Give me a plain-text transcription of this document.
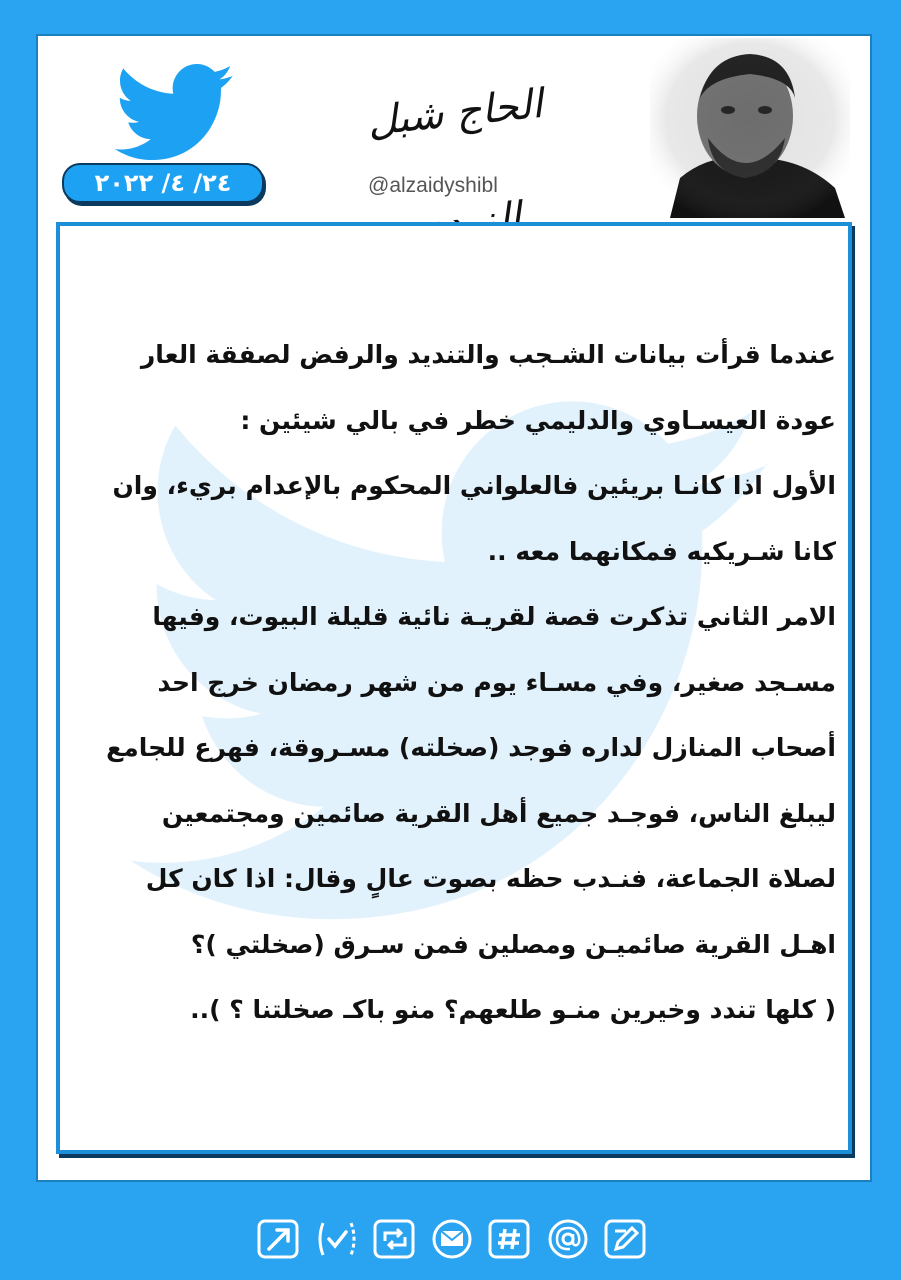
٢٤/ ٤/ ٢٠٢٢
الحاج شبل
@alzaidyshibl

عندما قرأت بيانات الشـجب والتنديد والرفض لصفقة العار

عودة العيسـاوي والدليمي خطر في بالي شيئين :

الأول اذا كانـا بريئين فالعلواني المحكوم بالإعدام بريء، وان

كانا شـريكيه فمكانهما معه ..

الامر الثاني تذكرت قصة لقريـة نائية قليلة البيوت، وفيها

مسـجد صغير، وفي مسـاء يوم من شهر رمضان خرج احد

أصحاب المنازل لداره فوجد (صخلته) مسـروقة، فهرع للجامع

ليبلغ الناس، فوجـد جميع أهل القرية صائمين ومجتمعين

لصلاة الجماعة، فنـدب حظه بصوت عالٍ وقال: اذا كان كل

اهـل القرية صائميـن ومصلين فمن سـرق (صخلتي )؟

( كلها تندد وخيرين منـو طلعهم؟ منو باكـ صخلتنا ؟ )..
